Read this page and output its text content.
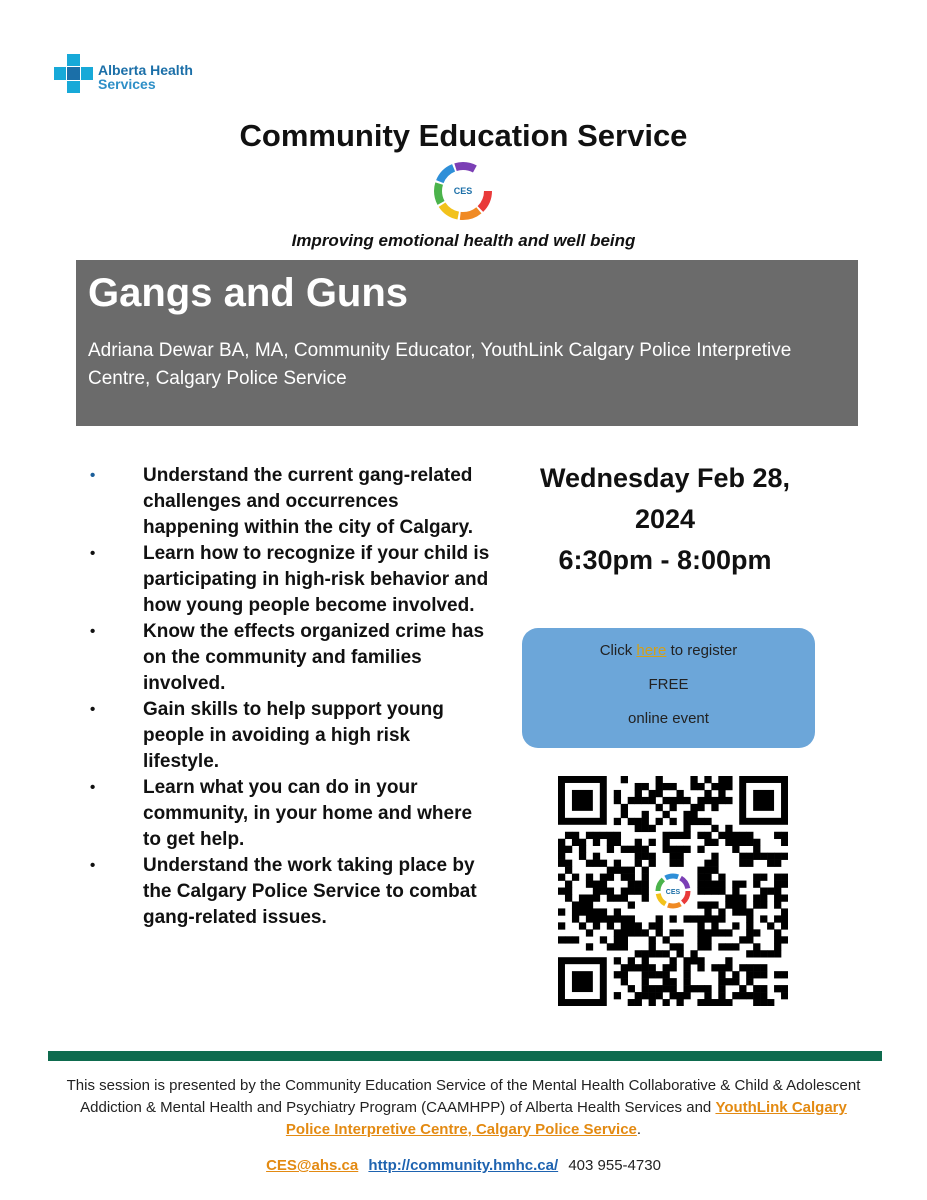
Alberta Health
Services
Community Education Service
CES
Improving emotional health and well being
Gangs and Guns
Adriana Dewar BA, MA, Community Educator, YouthLink Calgary Police Interpretive Centre, Calgary Police Service
•	Understand the current gang-related challenges and occurrences happening within the city of Calgary.
•	Learn how to recognize if your child is participating in high-risk behavior and how young people become involved.
•	Know the effects organized crime has on the community and families involved.
•	Gain skills to help support young people in avoiding a high risk lifestyle.
•	Learn what you can do in your community, in your home and where to get help.
•	Understand the work taking place by the Calgary Police Service to combat gang-related issues.
Wednesday Feb 28,
2024
6:30pm - 8:00pm
Click here to register
FREE
online event
CES
This session is presented by the Community Education Service of the Mental Health Collaborative & Child & Adolescent Addiction & Mental Health and Psychiatry Program (CAAMHPP) of Alberta Health Services and YouthLink Calgary Police Interpretive Centre, Calgary Police Service.
CES@ahs.ca http://community.hmhc.ca/ 403 955-4730
